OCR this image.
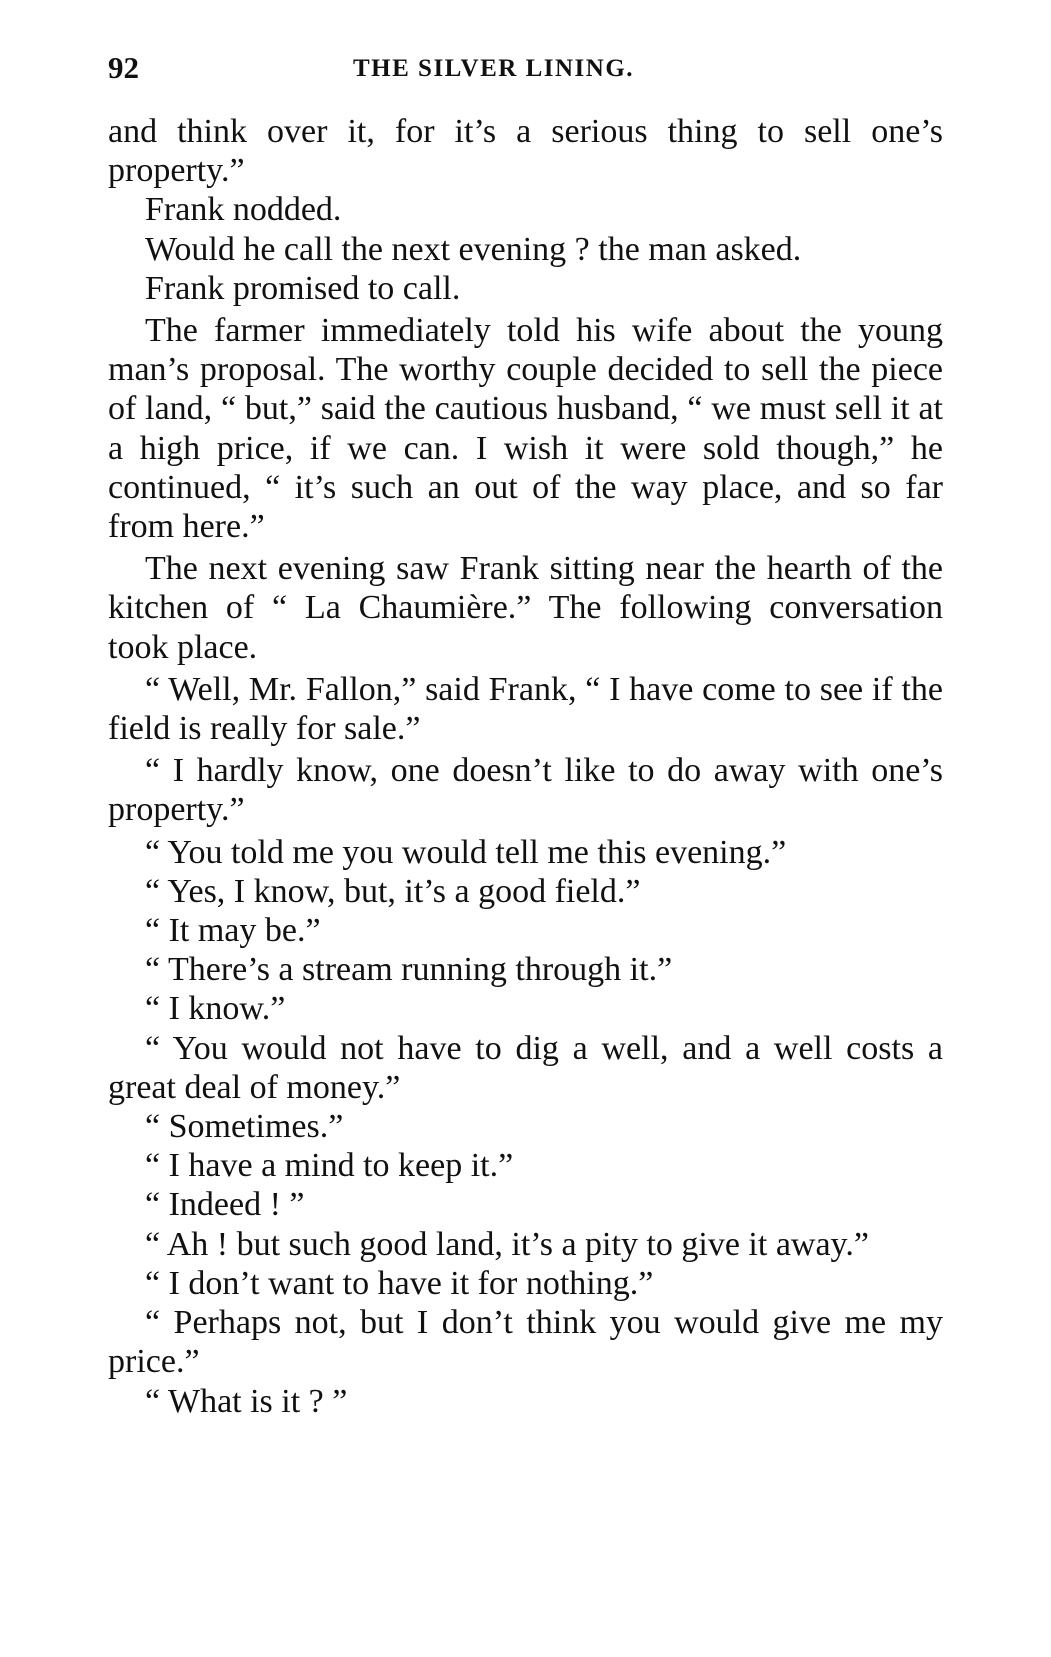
92	THE SILVER LINING.

and think over it, for it’s a serious thing to sell one’s property.”

Frank nodded.

Would he call the next evening ? the man asked.

Frank promised to call.

The farmer immediately told his wife about the young man’s proposal. The worthy couple decided to sell the piece of land, “ but,” said the cautious husband, “ we must sell it at a high price, if we can. I wish it were sold though,” he continued, “ it’s such an out of the way place, and so far from here.”

The next evening saw Frank sitting near the hearth of the kitchen of “ La Chaumière.” The following conversation took place.

“ Well, Mr. Fallon,” said Frank, “ I have come to see if the field is really for sale.”

“ I hardly know, one doesn’t like to do away with one’s property.”

“ You told me you would tell me this evening.”

“ Yes, I know, but, it’s a good field.”

“ It may be.”

“ There’s a stream running through it.”

“ I know.”

“ You would not have to dig a well, and a well costs a great deal of money.”

“ Sometimes.”

“ I have a mind to keep it.”

“ Indeed ! ”

“ Ah ! but such good land, it’s a pity to give it away.”

“ I don’t want to have it for nothing.”

“ Perhaps not, but I don’t think you would give me my price.”

“ What is it ? ”
